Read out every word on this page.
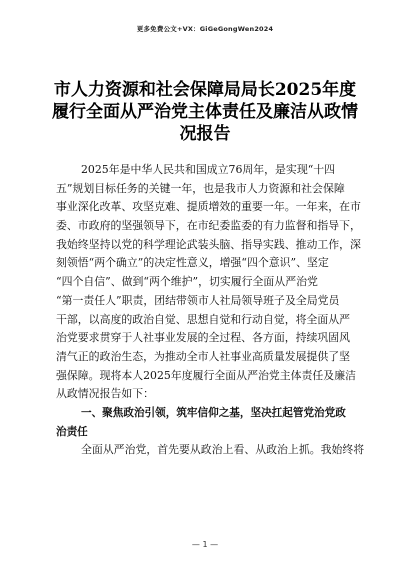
更多免费公文+VX：GiGeGongWen2024
市人力资源和社会保障局局长2025年度
履行全面从严治党主体责任及廉洁从政情
况报告
2025年是中华人民共和国成立76周年，是实现“十四
五”规划目标任务的关键一年，也是我市人力资源和社会保障
事业深化改革、攻坚克难、提质增效的重要一年。一年来，在市
委、市政府的坚强领导下，在市纪委监委的有力监督和指导下，
我始终坚持以党的科学理论武装头脑、指导实践、推动工作，深
刻领悟“两个确立”的决定性意义，增强“四个意识”、坚定
“四个自信”、做到“两个维护”，切实履行全面从严治党
“第一责任人”职责，团结带领市人社局领导班子及全局党员
干部，以高度的政治自觉、思想自觉和行动自觉，将全面从严
治党要求贯穿于人社事业发展的全过程、各方面，持续巩固风
清气正的政治生态，为推动全市人社事业高质量发展提供了坚
强保障。现将本人2025年度履行全面从严治党主体责任及廉洁
从政情况报告如下：
一、聚焦政治引领，筑牢信仰之基，坚决扛起管党治党政
治责任
全面从严治党，首先要从政治上看、从政治上抓。我始终将
— 1 —
